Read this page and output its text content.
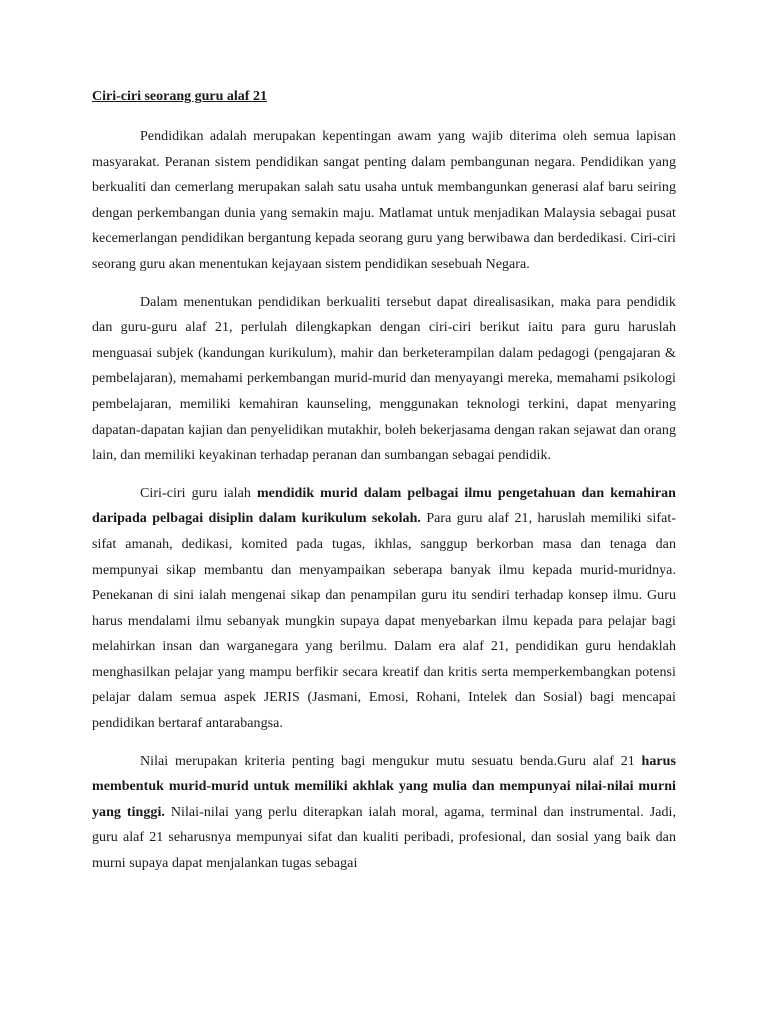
Ciri-ciri seorang guru alaf 21

Pendidikan adalah merupakan kepentingan awam yang wajib diterima oleh semua lapisan masyarakat. Peranan sistem pendidikan sangat penting dalam pembangunan negara. Pendidikan yang berkualiti dan cemerlang merupakan salah satu usaha untuk membangunkan generasi alaf baru seiring dengan perkembangan dunia yang semakin maju. Matlamat untuk menjadikan Malaysia sebagai pusat kecemerlangan pendidikan bergantung kepada seorang guru yang berwibawa dan berdedikasi. Ciri-ciri seorang guru akan menentukan kejayaan sistem pendidikan sesebuah Negara.

Dalam menentukan pendidikan berkualiti tersebut dapat direalisasikan, maka para pendidik dan guru-guru alaf 21, perlulah dilengkapkan dengan ciri-ciri berikut iaitu para guru haruslah menguasai subjek (kandungan kurikulum), mahir dan berketerampilan dalam pedagogi (pengajaran & pembelajaran), memahami perkembangan murid-murid dan menyayangi mereka, memahami psikologi pembelajaran, memiliki kemahiran kaunseling, menggunakan teknologi terkini, dapat menyaring dapatan-dapatan kajian dan penyelidikan mutakhir, boleh bekerjasama dengan rakan sejawat dan orang lain, dan memiliki keyakinan terhadap peranan dan sumbangan sebagai pendidik.

Ciri-ciri guru ialah mendidik murid dalam pelbagai ilmu pengetahuan dan kemahiran daripada pelbagai disiplin dalam kurikulum sekolah. Para guru alaf 21, haruslah memiliki sifat-sifat amanah, dedikasi, komited pada tugas, ikhlas, sanggup berkorban masa dan tenaga dan mempunyai sikap membantu dan menyampaikan seberapa banyak ilmu kepada murid-muridnya. Penekanan di sini ialah mengenai sikap dan penampilan guru itu sendiri terhadap konsep ilmu. Guru harus mendalami ilmu sebanyak mungkin supaya dapat menyebarkan ilmu kepada para pelajar bagi melahirkan insan dan warganegara yang berilmu. Dalam era alaf 21, pendidikan guru hendaklah menghasilkan pelajar yang mampu berfikir secara kreatif dan kritis serta memperkembangkan potensi pelajar dalam semua aspek JERIS (Jasmani, Emosi, Rohani, Intelek dan Sosial) bagi mencapai pendidikan bertaraf antarabangsa.

Nilai merupakan kriteria penting bagi mengukur mutu sesuatu benda.Guru alaf 21 harus membentuk murid-murid untuk memiliki akhlak yang mulia dan mempunyai nilai-nilai murni yang tinggi. Nilai-nilai yang perlu diterapkan ialah moral, agama, terminal dan instrumental. Jadi, guru alaf 21 seharusnya mempunyai sifat dan kualiti peribadi, profesional, dan sosial yang baik dan murni supaya dapat menjalankan tugas sebagai
